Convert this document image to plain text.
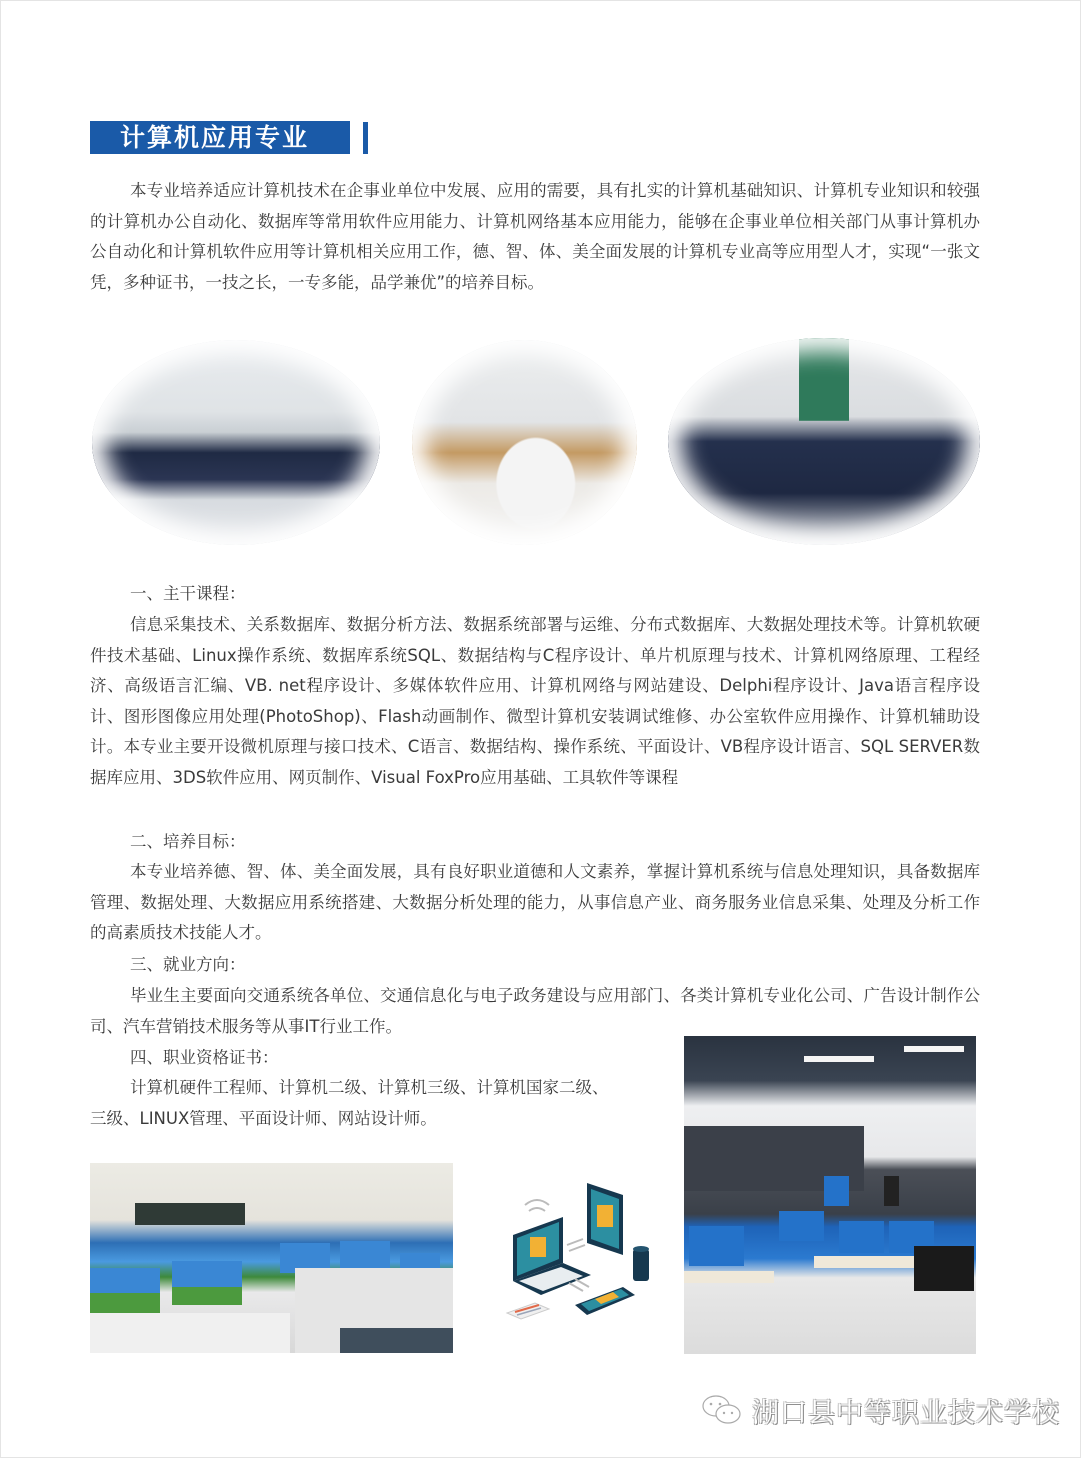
计算机应用专业

本专业培养适应计算机技术在企事业单位中发展、应用的需要，具有扎实的计算机基础知识、计算机专业知识和较强的计算机办公自动化、数据库等常用软件应用能力、计算机网络基本应用能力，能够在企事业单位相关部门从事计算机办公自动化和计算机软件应用等计算机相关应用工作，德、智、体、美全面发展的计算机专业高等应用型人才，实现“一张文凭，多种证书，一技之长，一专多能，品学兼优”的培养目标。

一、主干课程：

信息采集技术、关系数据库、数据分析方法、数据系统部署与运维、分布式数据库、大数据处理技术等。计算机软硬件技术基础、Linux操作系统、数据库系统SQL、数据结构与C程序设计、单片机原理与技术、计算机网络原理、工程经济、高级语言汇编、VB. net程序设计、多媒体软件应用、计算机网络与网站建设、Delphi程序设计、Java语言程序设计、图形图像应用处理(PhotoShop)、Flash动画制作、微型计算机安装调试维修、办公室软件应用操作、计算机辅助设计。本专业主要开设微机原理与接口技术、C语言、数据结构、操作系统、平面设计、VB程序设计语言、SQL SERVER数据库应用、3DS软件应用、网页制作、Visual FoxPro应用基础、工具软件等课程

二、培养目标：

本专业培养德、智、体、美全面发展，具有良好职业道德和人文素养，掌握计算机系统与信息处理知识，具备数据库管理、数据处理、大数据应用系统搭建、大数据分析处理的能力，从事信息产业、商务服务业信息采集、处理及分析工作的高素质技术技能人才。

三、就业方向：

毕业生主要面向交通系统各单位、交通信息化与电子政务建设与应用部门、各类计算机专业化公司、广告设计制作公司、汽车营销技术服务等从事IT行业工作。

四、职业资格证书：
计算机硬件工程师、计算机二级、计算机三级、计算机国家二级、
三级、LINUX管理、平面设计师、网站设计师。
湖口县中等职业技术学校
